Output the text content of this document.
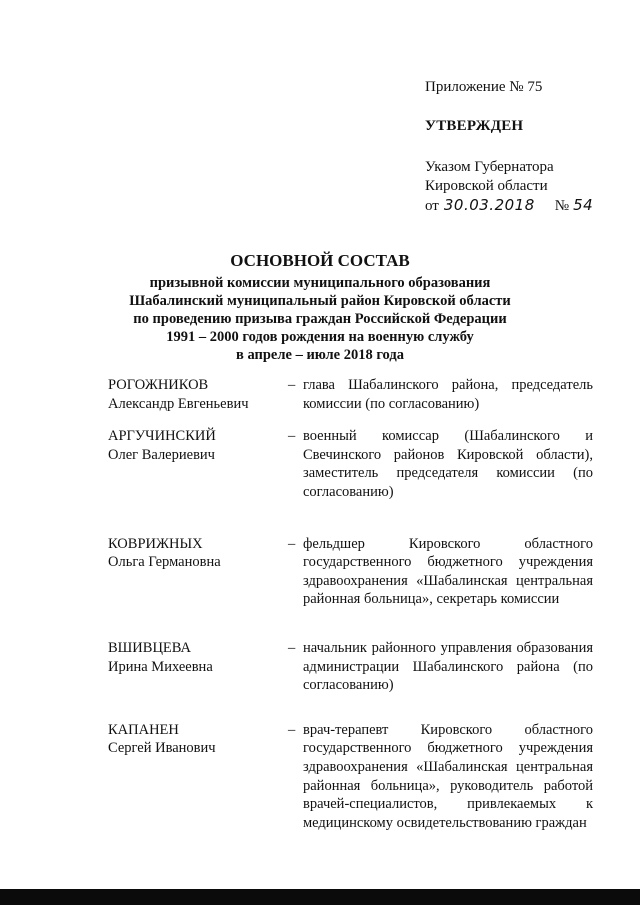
Приложение № 75

УТВЕРЖДЕН

Указом Губернатора
Кировской области
от 30.03.2018 № 54

ОСНОВНОЙ СОСТАВ

призывной комиссии муниципального образования
Шабалинский муниципальный район Кировской области
по проведению призыва граждан Российской Федерации
1991 – 2000 годов рождения на военную службу
в апреле – июле 2018 года
РОГОЖНИКОВ
Александр Евгеньевич
– глава Шабалинского района, председатель комиссии (по согласованию)
АРГУЧИНСКИЙ
Олег Валериевич
– военный комиссар (Шабалинского и Свечинского районов Кировской области), заместитель председателя комиссии (по согласованию)
КОВРИЖНЫХ
Ольга Германовна
– фельдшер Кировского областного государственного бюджетного учреждения здравоохранения «Шабалинская центральная районная больница», секретарь комиссии
ВШИВЦЕВА
Ирина Михеевна
– начальник районного управления образования администрации Шабалинского района (по согласованию)
КАПАНЕН
Сергей Иванович
– врач-терапевт Кировского областного государственного бюджетного учреждения здравоохранения «Шабалинская центральная районная больница», руководитель работой врачей-специалистов, привлекаемых к медицинскому освидетельствованию граждан
